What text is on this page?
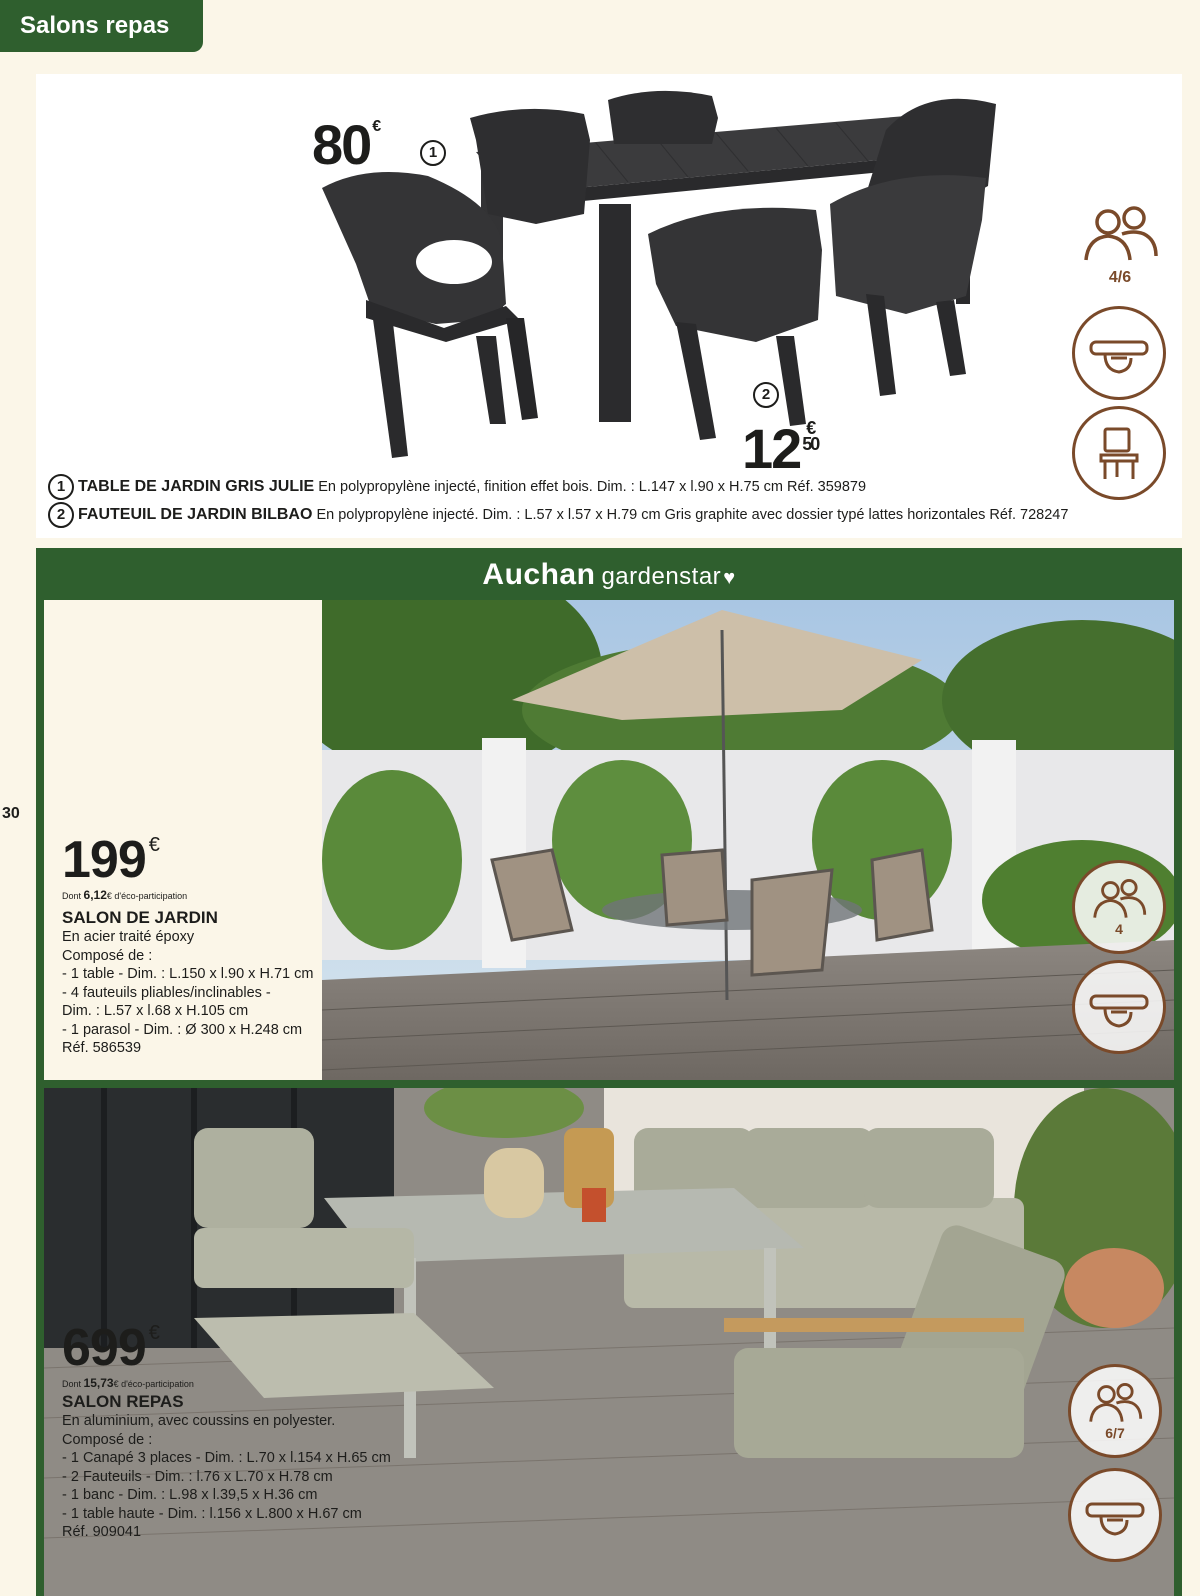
Salons repas
30
80 €
1
2
12 €
50
1 TABLE DE JARDIN GRIS JULIE En polypropylène injecté, finition effet bois. Dim. : L.147 x l.90 x H.75 cm Réf. 359879
2 FAUTEUIL DE JARDIN BILBAO En polypropylène injecté. Dim. : L.57 x l.57 x H.79 cm Gris graphite avec dossier typé lattes horizontales Réf. 728247
4/6
Auchan gardenstar ♥
199 €
Dont 6,12€ d'éco-participation
SALON DE JARDIN
En acier traité époxy
Composé de :
- 1 table - Dim. : L.150 x l.90 x H.71 cm
- 4 fauteuils pliables/inclinables -
Dim. : L.57 x l.68 x H.105 cm
- 1 parasol - Dim. : Ø 300 x H.248 cm
Réf. 586539
4
699 €
Dont 15,73€ d'éco-participation
SALON REPAS
En aluminium, avec coussins en polyester.
Composé de :
- 1 Canapé 3 places - Dim. : L.70 x l.154 x H.65 cm
- 2 Fauteuils - Dim. : l.76 x L.70 x H.78 cm
- 1 banc - Dim. : L.98 x l.39,5 x H.36 cm
- 1 table haute - Dim. : l.156 x L.800 x H.67 cm
Réf. 909041
6/7
